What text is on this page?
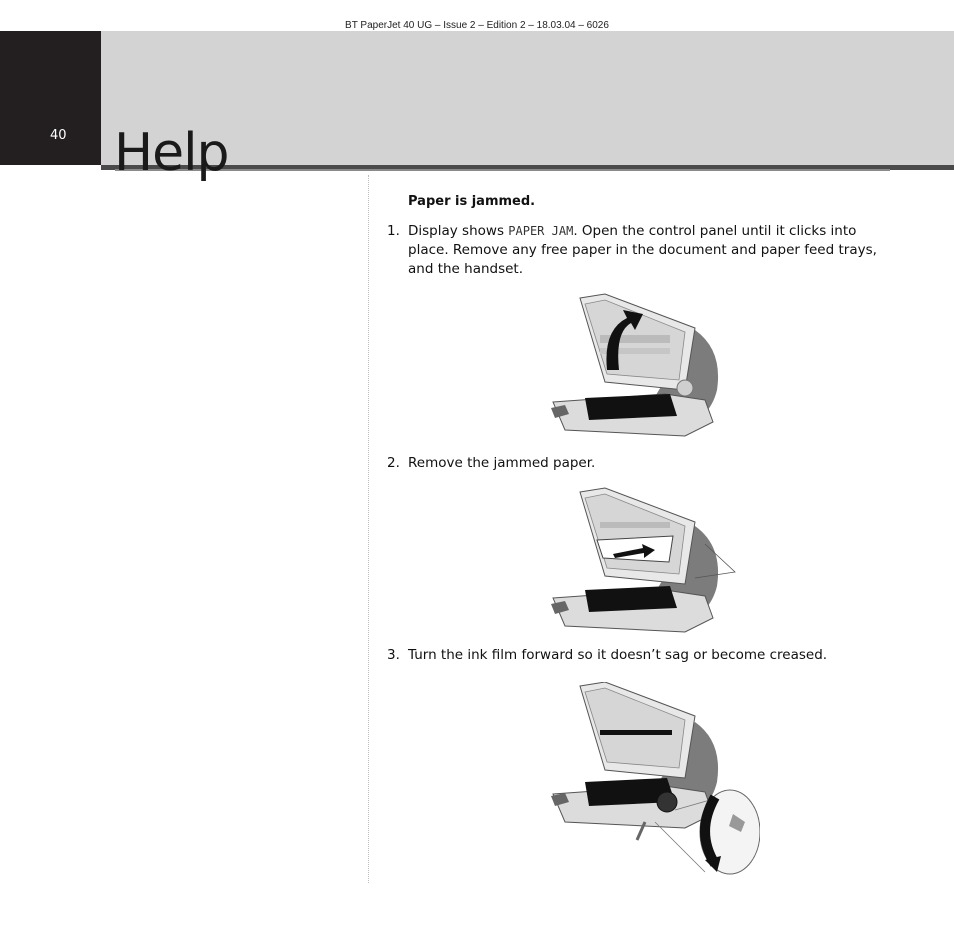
BT PaperJet 40 UG – Issue 2 – Edition 2 – 18.03.04 – 6026
40 Help
Paper is jammed.
1. Display shows PAPER JAM. Open the control panel until it clicks into place. Remove any free paper in the document and paper feed trays, and the handset.
2. Remove the jammed paper.
3. Turn the ink film forward so it doesn’t sag or become creased.
